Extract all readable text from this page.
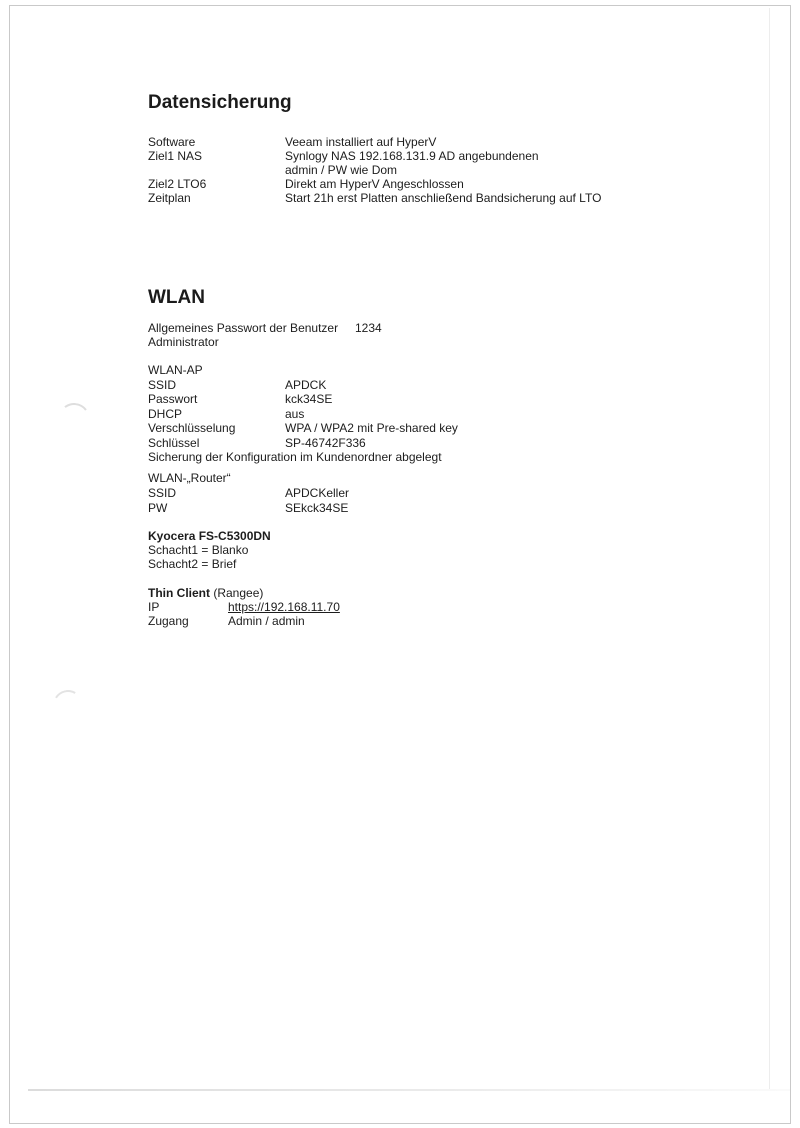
Datensicherung
Software	Veeam installiert auf HyperV
Ziel1 NAS	Synlogy NAS 192.168.131.9 AD angebundenen
admin / PW wie Dom
Ziel2 LTO6	Direkt am HyperV Angeschlossen
Zeitplan	Start 21h erst Platten anschließend Bandsicherung auf LTO
WLAN
Allgemeines Passwort der Benutzer 1234
Administrator
WLAN-AP
SSID	APDCK
Passwort	kck34SE
DHCP	aus
Verschlüsselung	WPA / WPA2 mit Pre-shared key
Schlüssel	SP-46742F336
Sicherung der Konfiguration im Kundenordner abgelegt
WLAN-„Router“
SSID	APDCKeller
PW	SEkck34SE
Kyocera FS-C5300DN
Schacht1 = Blanko
Schacht2 = Brief
Thin Client (Rangee)
IP	https://192.168.11.70
Zugang	Admin / admin
